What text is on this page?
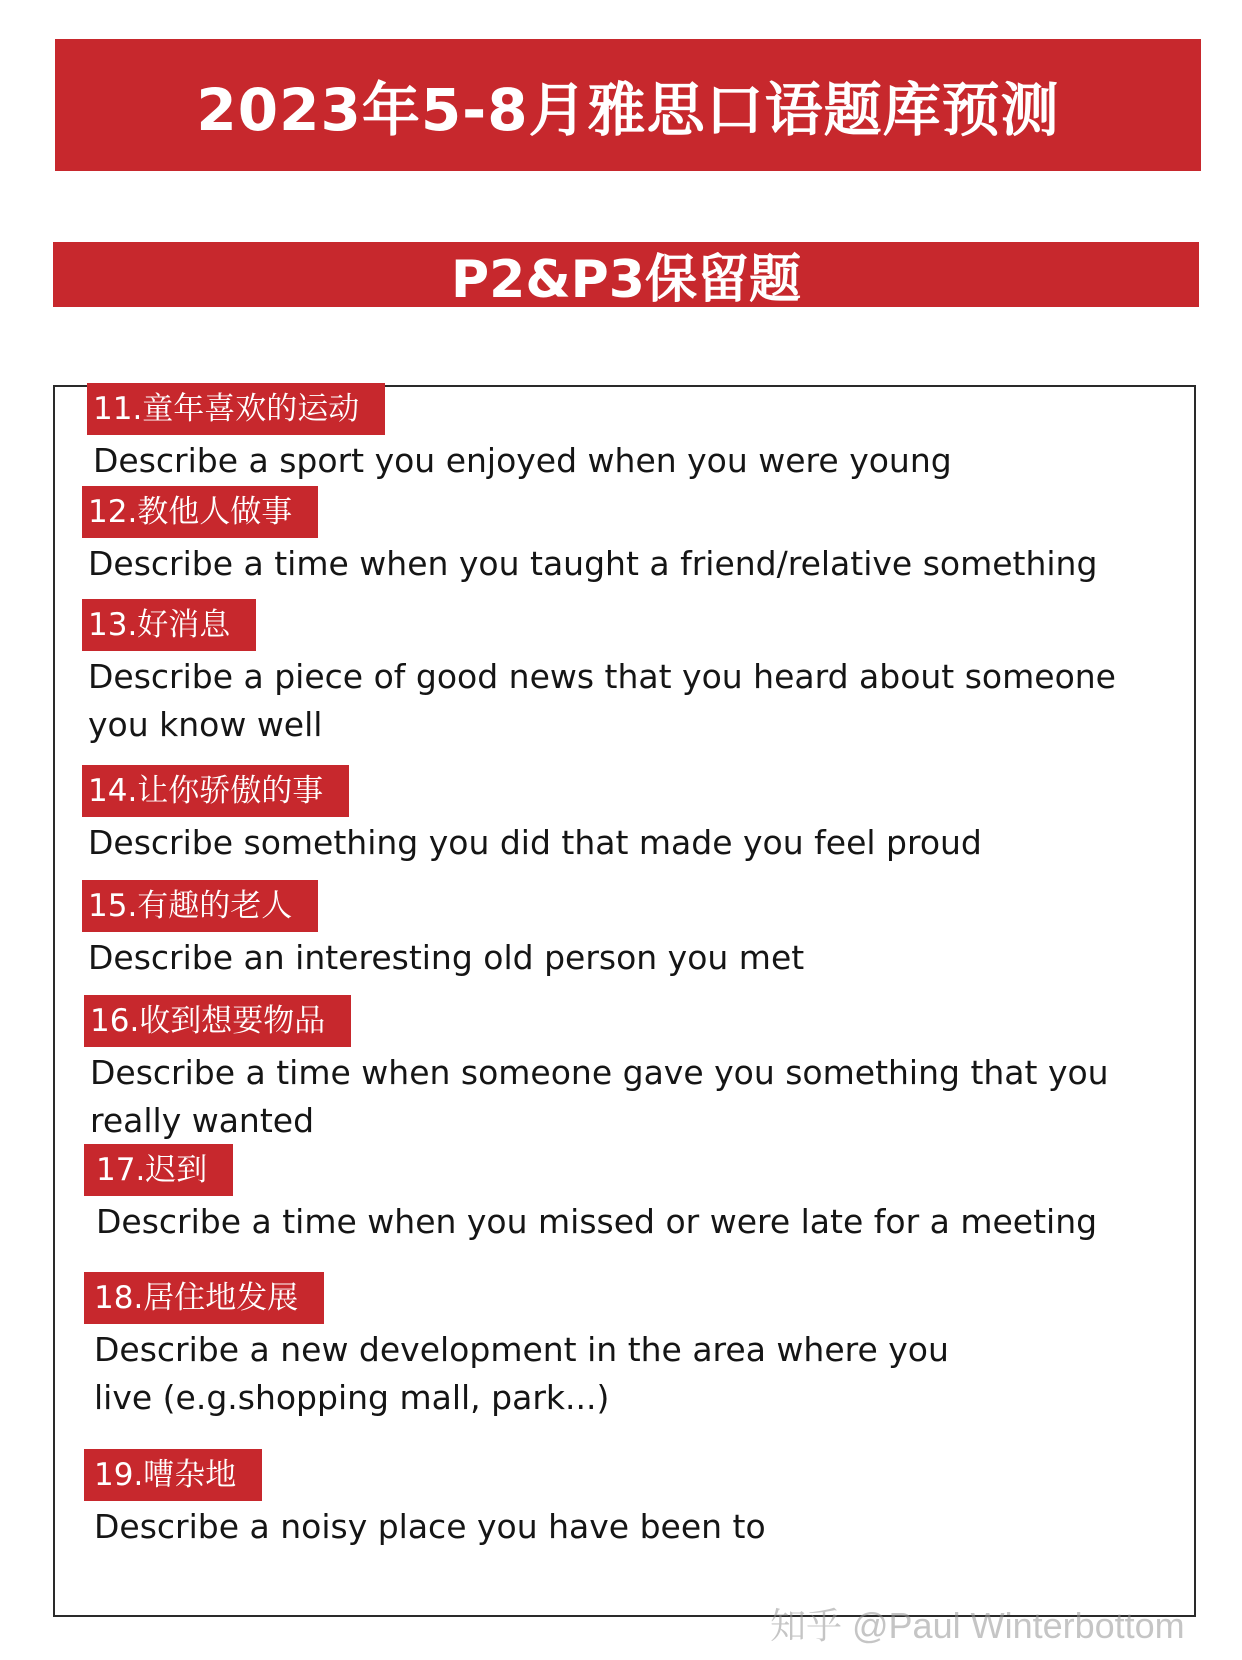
2023年5-8月雅思口语题库预测
P2&P3保留题
11.童年喜欢的运动
Describe a sport you enjoyed when you were young
12.教他人做事
Describe a time when you taught a friend/relative something
13.好消息
Describe a piece of good news that you heard about someone you know well
14.让你骄傲的事
Describe something you did that made you feel proud
15.有趣的老人
Describe an interesting old person you met
16.收到想要物品
Describe a time when someone gave you something that you really wanted
17.迟到
Describe a time when you missed or were late for a meeting
18.居住地发展
Describe a new development in the area where you live (e.g.shopping mall, park...)
19.嘈杂地
Describe a noisy place you have been to
知乎 @Paul Winterbottom
